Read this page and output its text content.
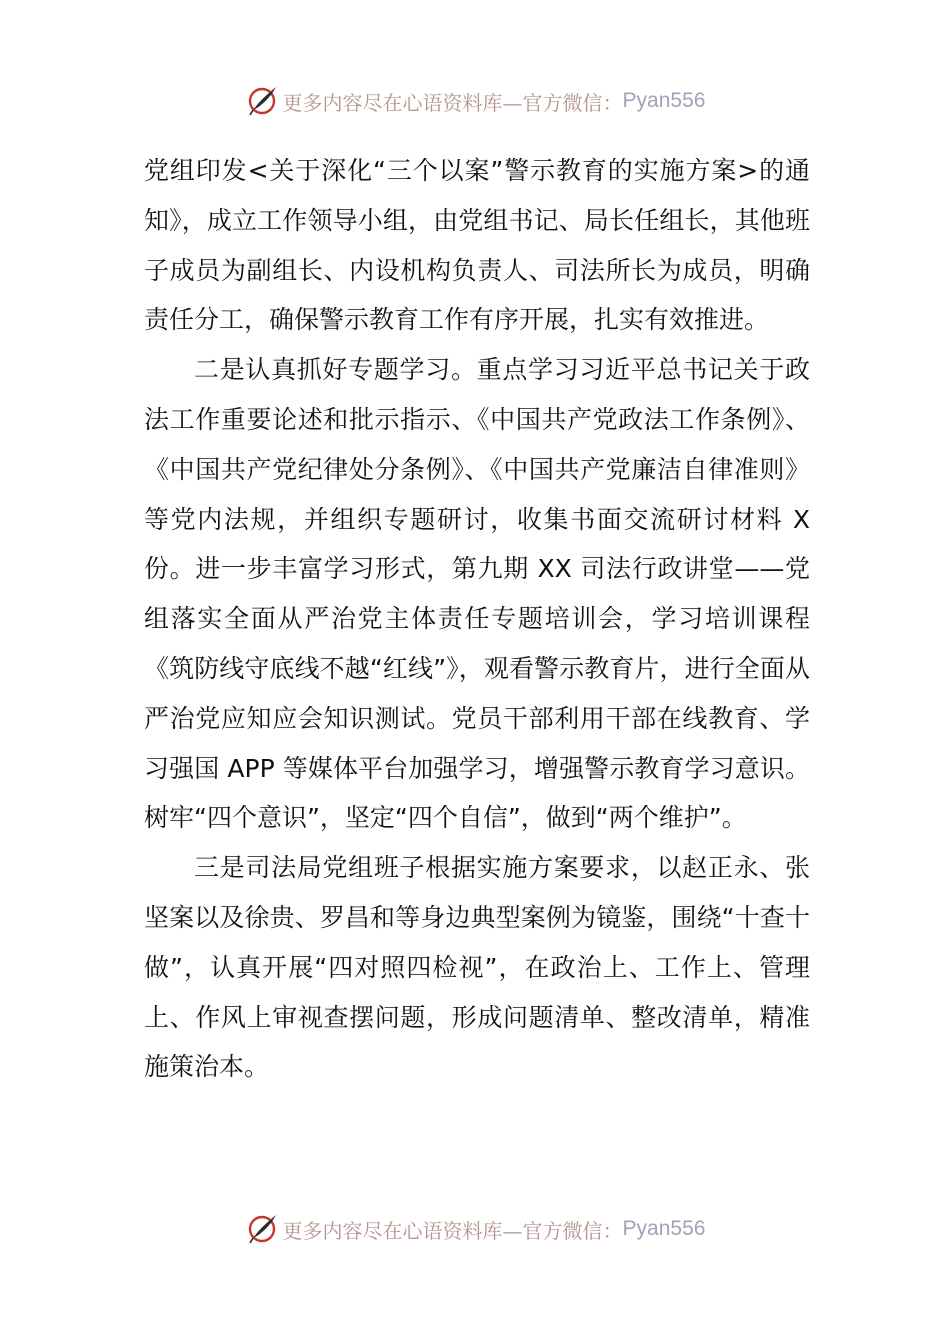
更多内容尽在心语资料库—官方微信： Pyan556

党组印发<关于深化“三个以案”警示教育的实施方案>的通知》，成立工作领导小组，由党组书记、局长任组长，其他班子成员为副组长、内设机构负责人、司法所长为成员，明确责任分工，确保警示教育工作有序开展，扎实有效推进。

二是认真抓好专题学习。重点学习习近平总书记关于政法工作重要论述和批示指示、《中国共产党政法工作条例》、《中国共产党纪律处分条例》、《中国共产党廉洁自律准则》等党内法规，并组织专题研讨，收集书面交流研讨材料 X 份。进一步丰富学习形式，第九期 XX 司法行政讲堂——党组落实全面从严治党主体责任专题培训会，学习培训课程《筑防线守底线不越“红线”》，观看警示教育片，进行全面从严治党应知应会知识测试。党员干部利用干部在线教育、学习强国 APP 等媒体平台加强学习，增强警示教育学习意识。树牢“四个意识”，坚定“四个自信”，做到“两个维护”。

三是司法局党组班子根据实施方案要求，以赵正永、张坚案以及徐贵、罗昌和等身边典型案例为镜鉴，围绕“十查十做”，认真开展“四对照四检视”，在政治上、工作上、管理上、作风上审视查摆问题，形成问题清单、整改清单，精准施策治本。

更多内容尽在心语资料库—官方微信： Pyan556
